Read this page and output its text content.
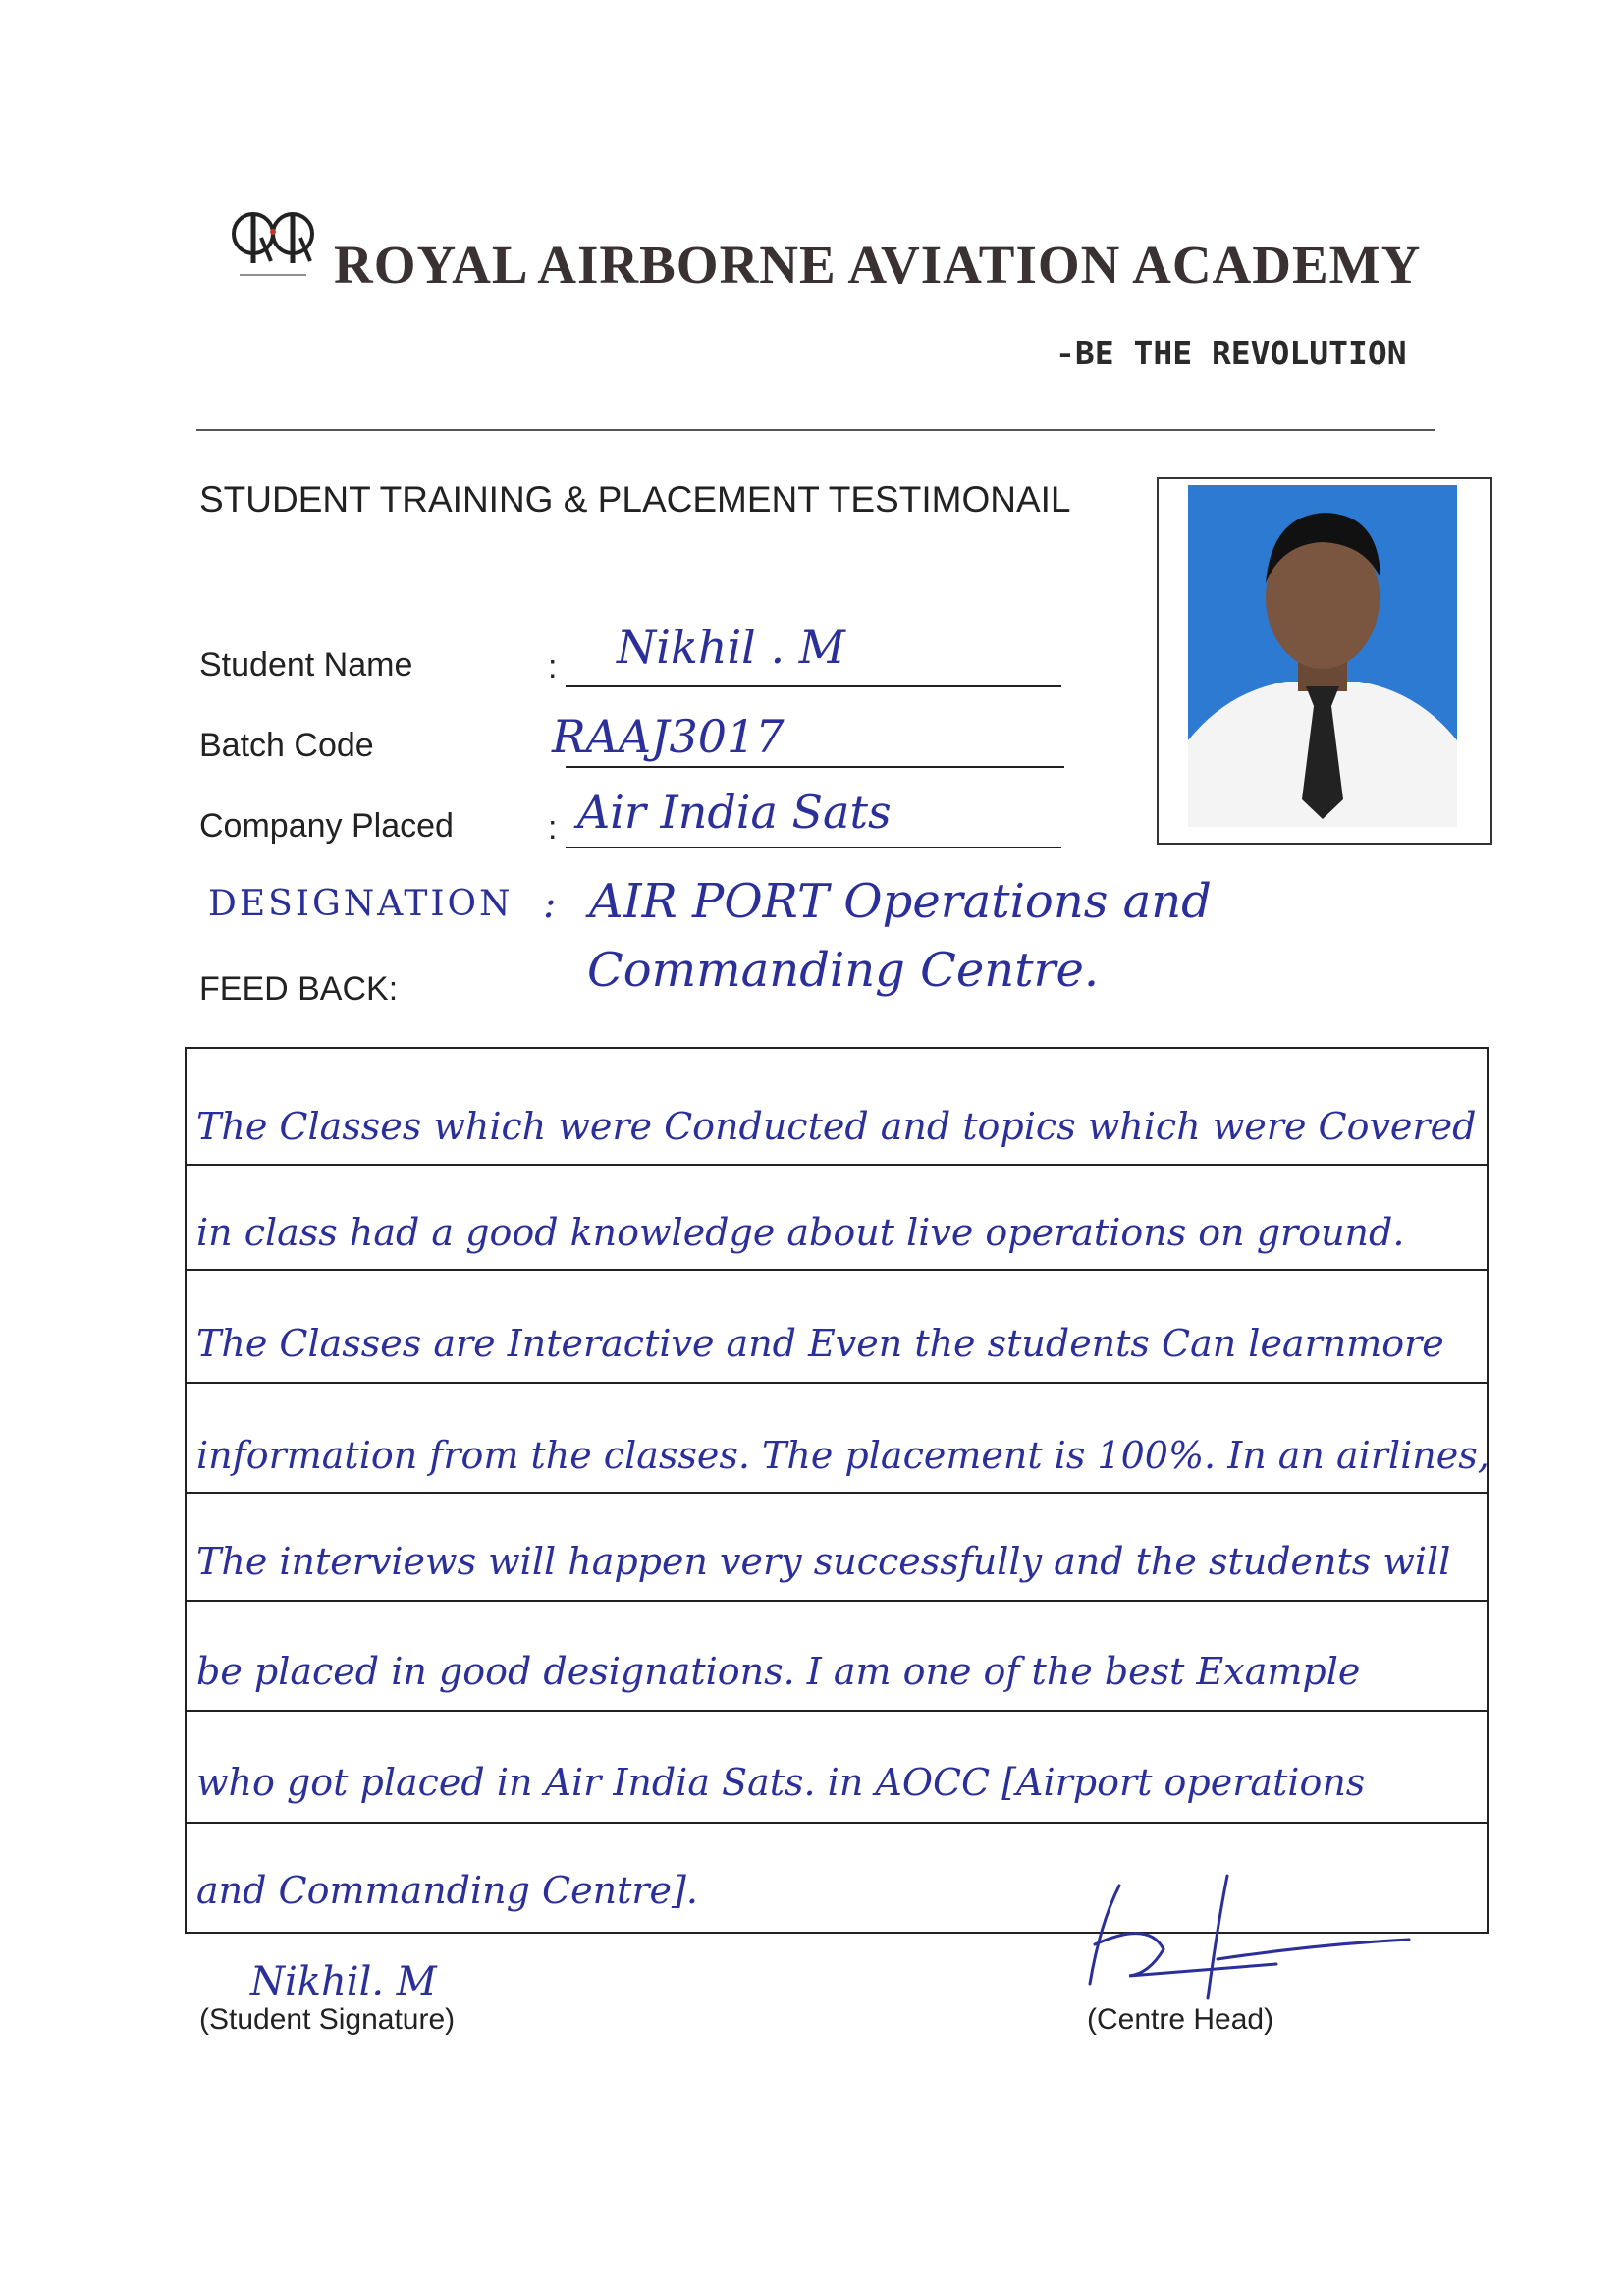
ROYAL AIRBORNE AVIATION ACADEMY
-BE THE REVOLUTION
STUDENT TRAINING & PLACEMENT TESTIMONAIL
Student Name	: Nikhil . M
Batch Code	RAAJ3017
Company Placed	: Air India Sats
DESIGNATION : AIR PORT Operations and
Commanding Centre.
FEED BACK:
The Classes which were Conducted and topics which were Covered
in class had a good knowledge about live operations on ground.
The Classes are Interactive and Even the students Can learnmore
information from the classes. The placement is 100%. In an airlines,
The interviews will happen very successfully and the students will
be placed in good designations. I am one of the best Example
who got placed in Air India Sats. in AOCC [Airport operations
and Commanding Centre].
Nikhil. M
(Student Signature)	(Centre Head)
